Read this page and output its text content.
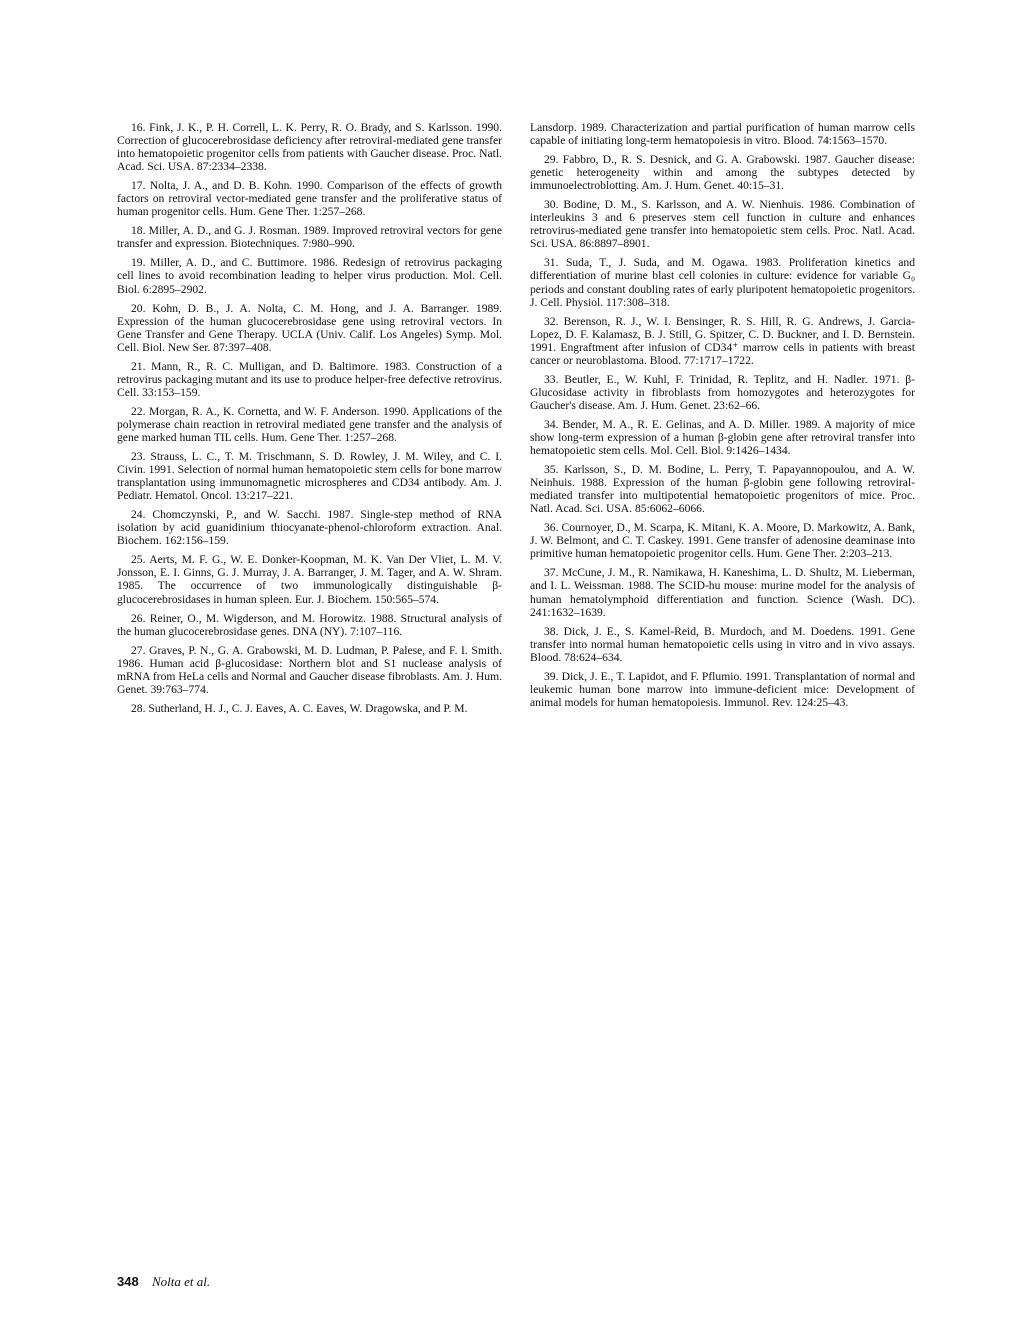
16. Fink, J. K., P. H. Correll, L. K. Perry, R. O. Brady, and S. Karlsson. 1990. Correction of glucocerebrosidase deficiency after retroviral-mediated gene transfer into hematopoietic progenitor cells from patients with Gaucher disease. Proc. Natl. Acad. Sci. USA. 87:2334–2338.

17. Nolta, J. A., and D. B. Kohn. 1990. Comparison of the effects of growth factors on retroviral vector-mediated gene transfer and the proliferative status of human progenitor cells. Hum. Gene Ther. 1:257–268.

18. Miller, A. D., and G. J. Rosman. 1989. Improved retroviral vectors for gene transfer and expression. Biotechniques. 7:980–990.

19. Miller, A. D., and C. Buttimore. 1986. Redesign of retrovirus packaging cell lines to avoid recombination leading to helper virus production. Mol. Cell. Biol. 6:2895–2902.

20. Kohn, D. B., J. A. Nolta, C. M. Hong, and J. A. Barranger. 1989. Expression of the human glucocerebrosidase gene using retroviral vectors. In Gene Transfer and Gene Therapy. UCLA (Univ. Calif. Los Angeles) Symp. Mol. Cell. Biol. New Ser. 87:397–408.

21. Mann, R., R. C. Mulligan, and D. Baltimore. 1983. Construction of a retrovirus packaging mutant and its use to produce helper-free defective retrovirus. Cell. 33:153–159.

22. Morgan, R. A., K. Cornetta, and W. F. Anderson. 1990. Applications of the polymerase chain reaction in retroviral mediated gene transfer and the analysis of gene marked human TIL cells. Hum. Gene Ther. 1:257–268.

23. Strauss, L. C., T. M. Trischmann, S. D. Rowley, J. M. Wiley, and C. I. Civin. 1991. Selection of normal human hematopoietic stem cells for bone marrow transplantation using immunomagnetic microspheres and CD34 antibody. Am. J. Pediatr. Hematol. Oncol. 13:217–221.

24. Chomczynski, P., and W. Sacchi. 1987. Single-step method of RNA isolation by acid guanidinium thiocyanate-phenol-chloroform extraction. Anal. Biochem. 162:156–159.

25. Aerts, M. F. G., W. E. Donker-Koopman, M. K. Van Der Vliet, L. M. V. Jonsson, E. I. Ginns, G. J. Murray, J. A. Barranger, J. M. Tager, and A. W. Shram. 1985. The occurrence of two immunologically distinguishable β-glucocerebrosidases in human spleen. Eur. J. Biochem. 150:565–574.

26. Reiner, O., M. Wigderson, and M. Horowitz. 1988. Structural analysis of the human glucocerebrosidase genes. DNA (NY). 7:107–116.

27. Graves, P. N., G. A. Grabowski, M. D. Ludman, P. Palese, and F. I. Smith. 1986. Human acid β-glucosidase: Northern blot and S1 nuclease analysis of mRNA from HeLa cells and Normal and Gaucher disease fibroblasts. Am. J. Hum. Genet. 39:763–774.

28. Sutherland, H. J., C. J. Eaves, A. C. Eaves, W. Dragowska, and P. M.

Lansdorp. 1989. Characterization and partial purification of human marrow cells capable of initiating long-term hematopoiesis in vitro. Blood. 74:1563–1570.

29. Fabbro, D., R. S. Desnick, and G. A. Grabowski. 1987. Gaucher disease: genetic heterogeneity within and among the subtypes detected by immunoelectroblotting. Am. J. Hum. Genet. 40:15–31.

30. Bodine, D. M., S. Karlsson, and A. W. Nienhuis. 1986. Combination of interleukins 3 and 6 preserves stem cell function in culture and enhances retrovirus-mediated gene transfer into hematopoietic stem cells. Proc. Natl. Acad. Sci. USA. 86:8897–8901.

31. Suda, T., J. Suda, and M. Ogawa. 1983. Proliferation kinetics and differentiation of murine blast cell colonies in culture: evidence for variable G₀ periods and constant doubling rates of early pluripotent hematopoietic progenitors. J. Cell. Physiol. 117:308–318.

32. Berenson, R. J., W. I. Bensinger, R. S. Hill, R. G. Andrews, J. Garcia-Lopez, D. F. Kalamasz, B. J. Still, G. Spitzer, C. D. Buckner, and I. D. Bernstein. 1991. Engraftment after infusion of CD34⁺ marrow cells in patients with breast cancer or neuroblastoma. Blood. 77:1717–1722.

33. Beutler, E., W. Kuhl, F. Trinidad, R. Teplitz, and H. Nadler. 1971. β-Glucosidase activity in fibroblasts from homozygotes and heterozygotes for Gaucher's disease. Am. J. Hum. Genet. 23:62–66.

34. Bender, M. A., R. E. Gelinas, and A. D. Miller. 1989. A majority of mice show long-term expression of a human β-globin gene after retroviral transfer into hematopoietic stem cells. Mol. Cell. Biol. 9:1426–1434.

35. Karlsson, S., D. M. Bodine, L. Perry, T. Papayannopoulou, and A. W. Neinhuis. 1988. Expression of the human β-globin gene following retroviral-mediated transfer into multipotential hematopoietic progenitors of mice. Proc. Natl. Acad. Sci. USA. 85:6062–6066.

36. Cournoyer, D., M. Scarpa, K. Mitani, K. A. Moore, D. Markowitz, A. Bank, J. W. Belmont, and C. T. Caskey. 1991. Gene transfer of adenosine deaminase into primitive human hematopoietic progenitor cells. Hum. Gene Ther. 2:203–213.

37. McCune, J. M., R. Namikawa, H. Kaneshima, L. D. Shultz, M. Lieberman, and I. L. Weissman. 1988. The SCID-hu mouse: murine model for the analysis of human hematolymphoid differentiation and function. Science (Wash. DC). 241:1632–1639.

38. Dick, J. E., S. Kamel-Reid, B. Murdoch, and M. Doedens. 1991. Gene transfer into normal human hematopoietic cells using in vitro and in vivo assays. Blood. 78:624–634.

39. Dick, J. E., T. Lapidot, and F. Pflumio. 1991. Transplantation of normal and leukemic human bone marrow into immune-deficient mice: Development of animal models for human hematopoiesis. Immunol. Rev. 124:25–43.

348 Nolta et al.
